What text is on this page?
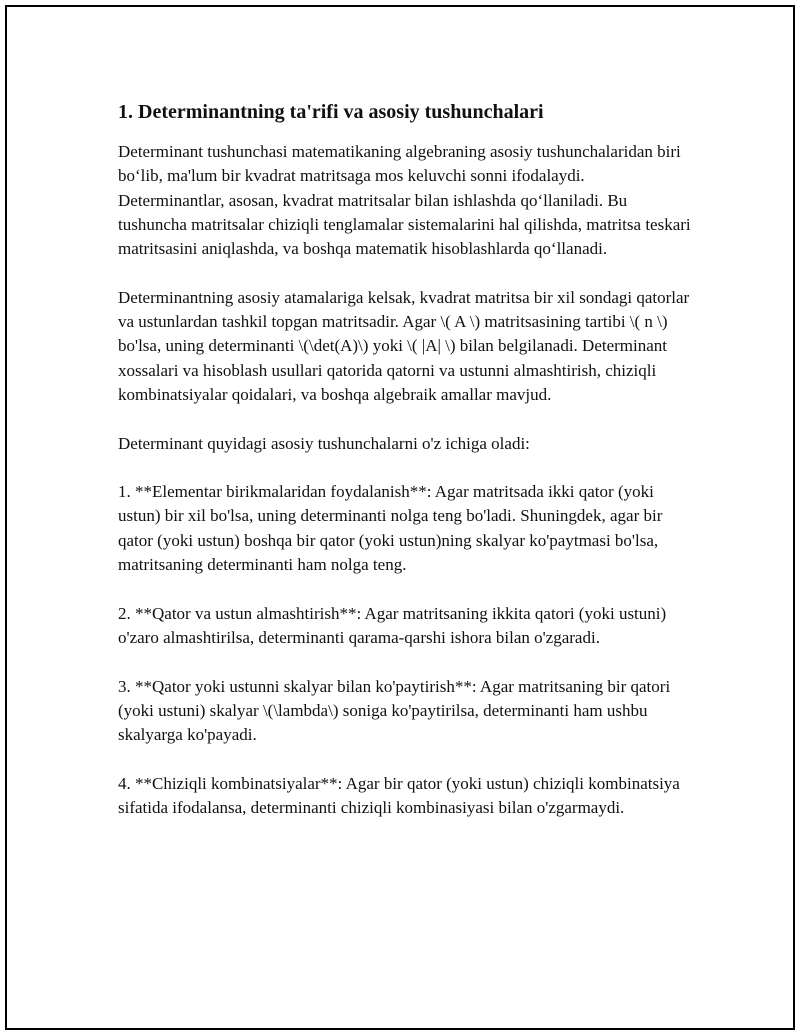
1. Determinantning ta'rifi va asosiy tushunchalari

Determinant tushunchasi matematikaning algebraning asosiy tushunchalaridan biri bo‘lib, ma'lum bir kvadrat matritsaga mos keluvchi sonni ifodalaydi. Determinantlar, asosan, kvadrat matritsalar bilan ishlashda qo‘llaniladi. Bu tushuncha matritsalar chiziqli tenglamalar sistemalarini hal qilishda, matritsa teskari matritsasini aniqlashda, va boshqa matematik hisoblashlarda qo‘llanadi.

Determinantning asosiy atamalariga kelsak, kvadrat matritsa bir xil sondagi qatorlar va ustunlardan tashkil topgan matritsadir. Agar \( A \) matritsasining tartibi \( n \) bo'lsa, uning determinanti \(\det(A)\) yoki \( |A| \) bilan belgilanadi. Determinant xossalari va hisoblash usullari qatorida qatorni va ustunni almashtirish, chiziqli kombinatsiyalar qoidalari, va boshqa algebraik amallar mavjud.

Determinant quyidagi asosiy tushunchalarni o'z ichiga oladi:

1. **Elementar birikmalaridan foydalanish**: Agar matritsada ikki qator (yoki ustun) bir xil bo'lsa, uning determinanti nolga teng bo'ladi. Shuningdek, agar bir qator (yoki ustun) boshqa bir qator (yoki ustun)ning skalyar ko'paytmasi bo'lsa, matritsaning determinanti ham nolga teng.

2. **Qator va ustun almashtirish**: Agar matritsaning ikkita qatori (yoki ustuni) o'zaro almashtirilsa, determinanti qarama-qarshi ishora bilan o'zgaradi.

3. **Qator yoki ustunni skalyar bilan ko'paytirish**: Agar matritsaning bir qatori (yoki ustuni) skalyar \(\lambda\) soniga ko'paytirilsa, determinanti ham ushbu skalyarga ko'payadi.

4. **Chiziqli kombinatsiyalar**: Agar bir qator (yoki ustun) chiziqli kombinatsiya sifatida ifodalansa, determinanti chiziqli kombinasiyasi bilan o'zgarmaydi.
